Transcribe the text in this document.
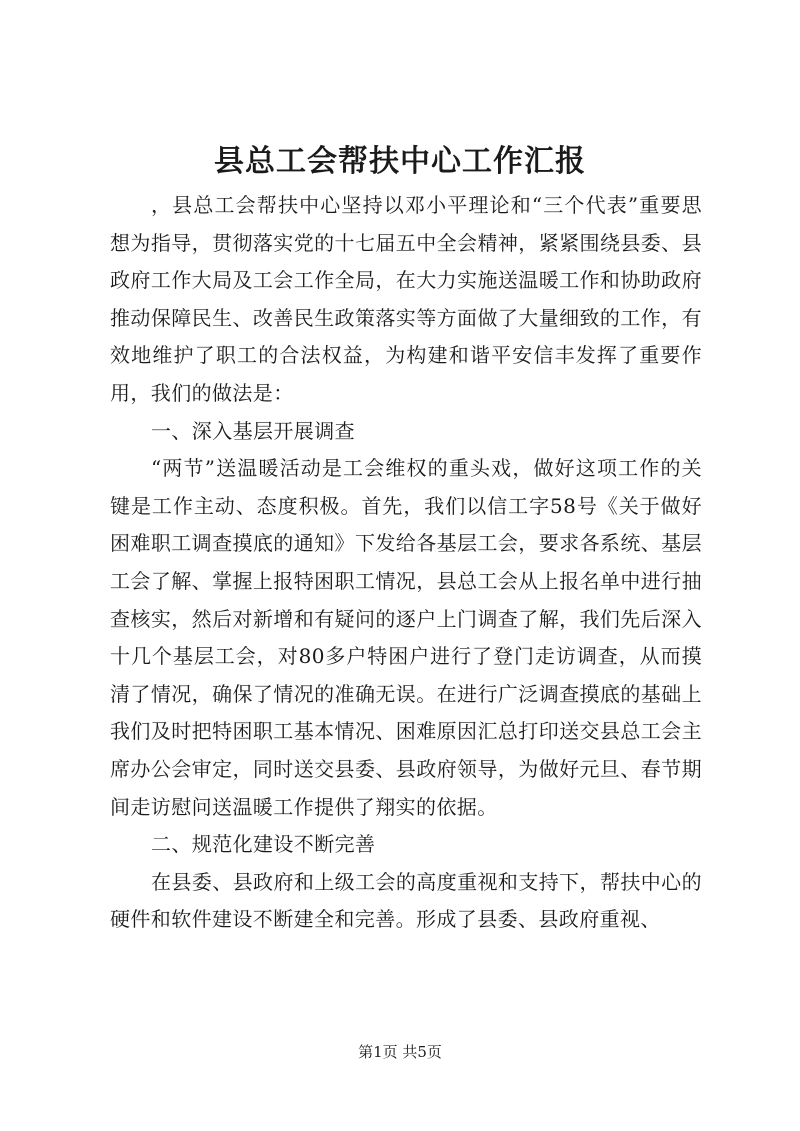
县总工会帮扶中心工作汇报

，县总工会帮扶中心坚持以邓小平理论和“三个代表”重要思想为指导，贯彻落实党的十七届五中全会精神，紧紧围绕县委、县政府工作大局及工会工作全局，在大力实施送温暖工作和协助政府推动保障民生、改善民生政策落实等方面做了大量细致的工作，有效地维护了职工的合法权益，为构建和谐平安信丰发挥了重要作用，我们的做法是：

一、深入基层开展调查

“两节”送温暖活动是工会维权的重头戏，做好这项工作的关键是工作主动、态度积极。首先，我们以信工字58号《关于做好困难职工调查摸底的通知》下发给各基层工会，要求各系统、基层工会了解、掌握上报特困职工情况，县总工会从上报名单中进行抽查核实，然后对新增和有疑问的逐户上门调查了解，我们先后深入十几个基层工会，对80多户特困户进行了登门走访调查，从而摸清了情况，确保了情况的准确无误。在进行广泛调查摸底的基础上我们及时把特困职工基本情况、困难原因汇总打印送交县总工会主席办公会审定，同时送交县委、县政府领导，为做好元旦、春节期间走访慰问送温暖工作提供了翔实的依据。

二、规范化建设不断完善

在县委、县政府和上级工会的高度重视和支持下，帮扶中心的硬件和软件建设不断建全和完善。形成了县委、县政府重视、

第1页 共5页
